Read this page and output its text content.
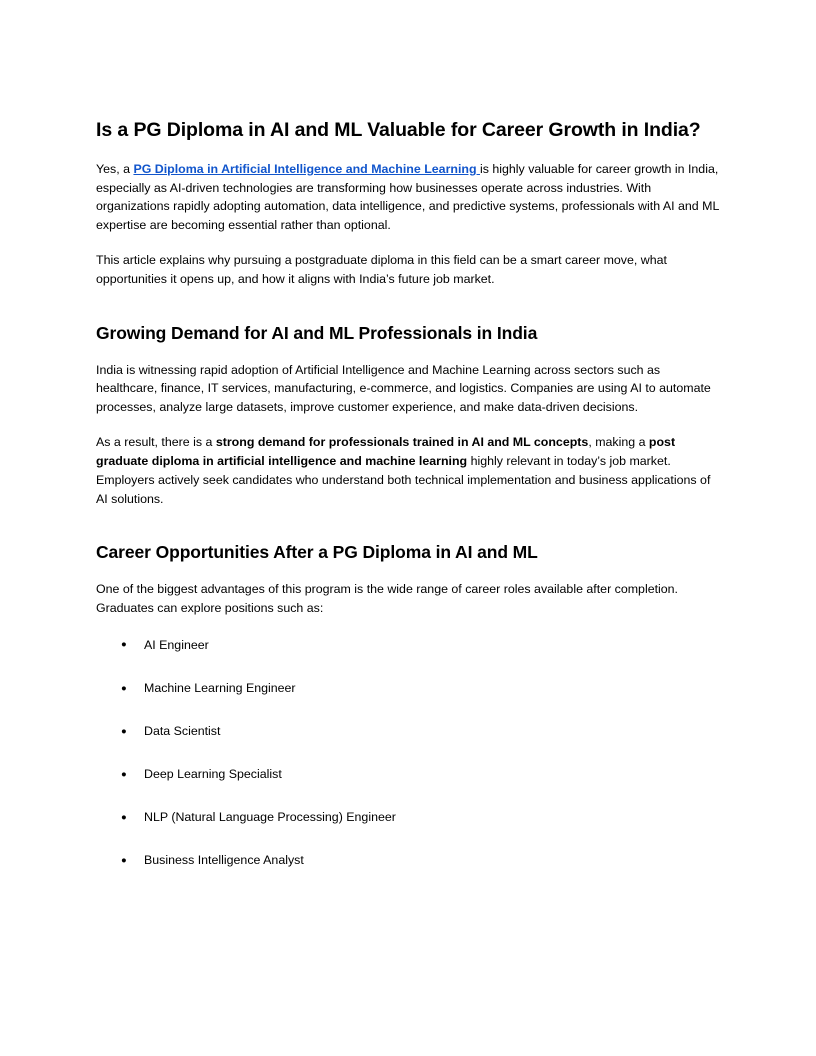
Is a PG Diploma in AI and ML Valuable for Career Growth in India?

Yes, a PG Diploma in Artificial Intelligence and Machine Learning is highly valuable for career growth in India, especially as AI-driven technologies are transforming how businesses operate across industries. With organizations rapidly adopting automation, data intelligence, and predictive systems, professionals with AI and ML expertise are becoming essential rather than optional.

This article explains why pursuing a postgraduate diploma in this field can be a smart career move, what opportunities it opens up, and how it aligns with India’s future job market.

Growing Demand for AI and ML Professionals in India

India is witnessing rapid adoption of Artificial Intelligence and Machine Learning across sectors such as healthcare, finance, IT services, manufacturing, e-commerce, and logistics. Companies are using AI to automate processes, analyze large datasets, improve customer experience, and make data-driven decisions.

As a result, there is a strong demand for professionals trained in AI and ML concepts, making a post graduate diploma in artificial intelligence and machine learning highly relevant in today’s job market. Employers actively seek candidates who understand both technical implementation and business applications of AI solutions.

Career Opportunities After a PG Diploma in AI and ML

One of the biggest advantages of this program is the wide range of career roles available after completion. Graduates can explore positions such as:

● AI Engineer
● Machine Learning Engineer
● Data Scientist
● Deep Learning Specialist
● NLP (Natural Language Processing) Engineer
● Business Intelligence Analyst
